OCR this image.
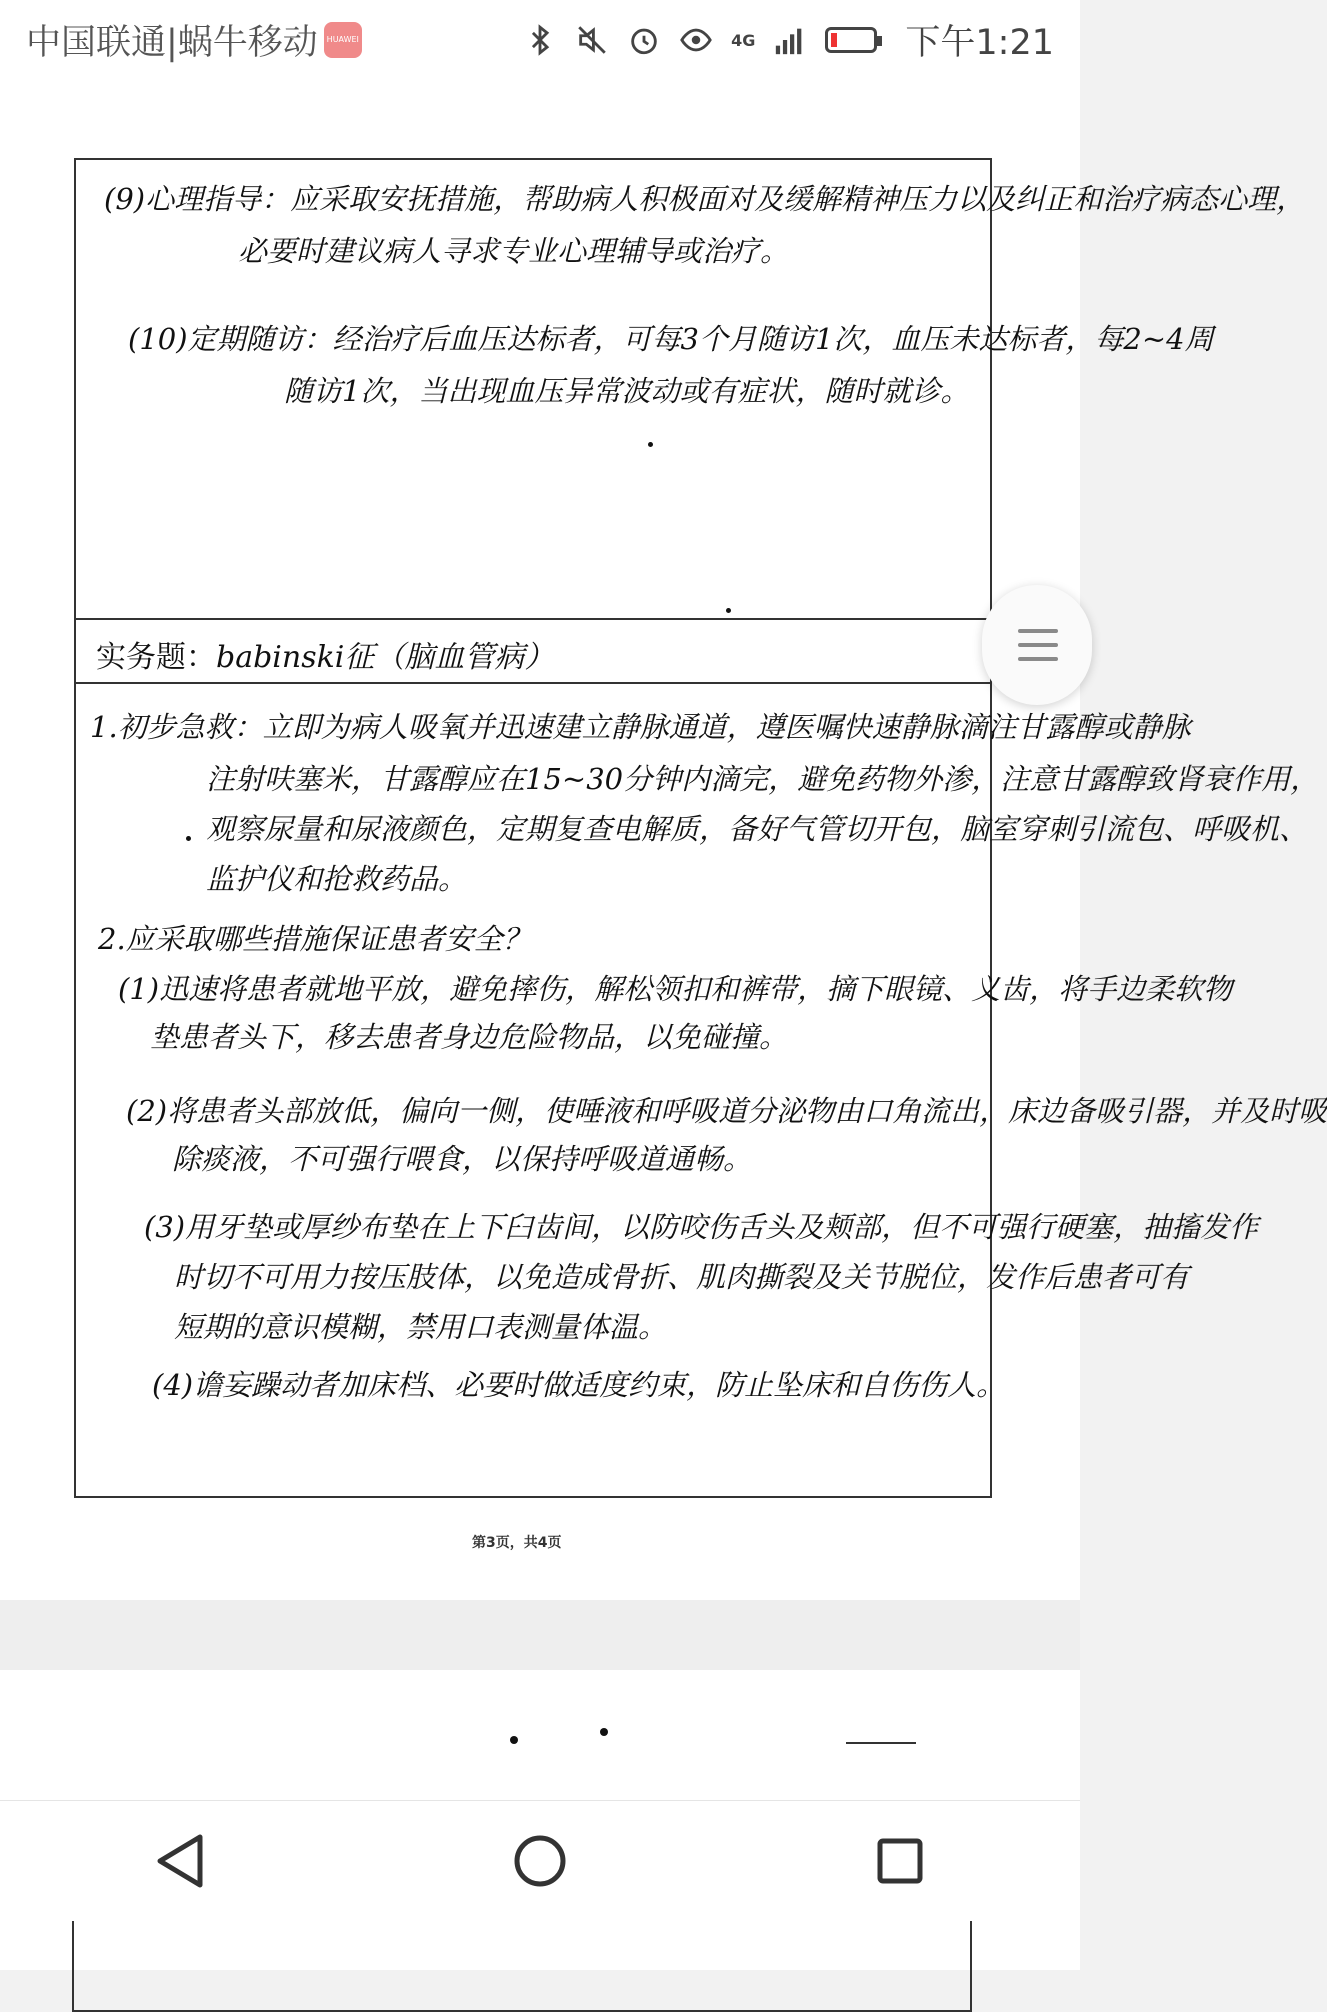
中国联通|蜗牛移动	HUAWEI	4G	下午1:21
(9)心理指导：应采取安抚措施，帮助病人积极面对及缓解精神压力以及纠正和治疗病态心理，
必要时建议病人寻求专业心理辅导或治疗。
(10)定期随访：经治疗后血压达标者，可每3个月随访1次，血压未达标者，每2~4周
随访1次，当出现血压异常波动或有症状，随时就诊。
实务题：babinski征（脑血管病）
1.初步急救：立即为病人吸氧并迅速建立静脉通道，遵医嘱快速静脉滴注甘露醇或静脉
注射呋塞米，甘露醇应在15~30分钟内滴完，避免药物外渗，注意甘露醇致肾衰作用，
观察尿量和尿液颜色，定期复查电解质，备好气管切开包，脑室穿刺引流包、呼吸机、
监护仪和抢救药品。
2.应采取哪些措施保证患者安全？
(1)迅速将患者就地平放，避免摔伤，解松领扣和裤带，摘下眼镜、义齿，将手边柔软物
垫患者头下，移去患者身边危险物品，以免碰撞。
(2)将患者头部放低，偏向一侧，使唾液和呼吸道分泌物由口角流出，床边备吸引器，并及时吸
除痰液，不可强行喂食，以保持呼吸道通畅。
(3)用牙垫或厚纱布垫在上下臼齿间，以防咬伤舌头及颊部，但不可强行硬塞，抽搐发作
时切不可用力按压肢体，以免造成骨折、肌肉撕裂及关节脱位，发作后患者可有
短期的意识模糊，禁用口表测量体温。
(4)谵妄躁动者加床档、必要时做适度约束，防止坠床和自伤伤人。
第3页，共4页
